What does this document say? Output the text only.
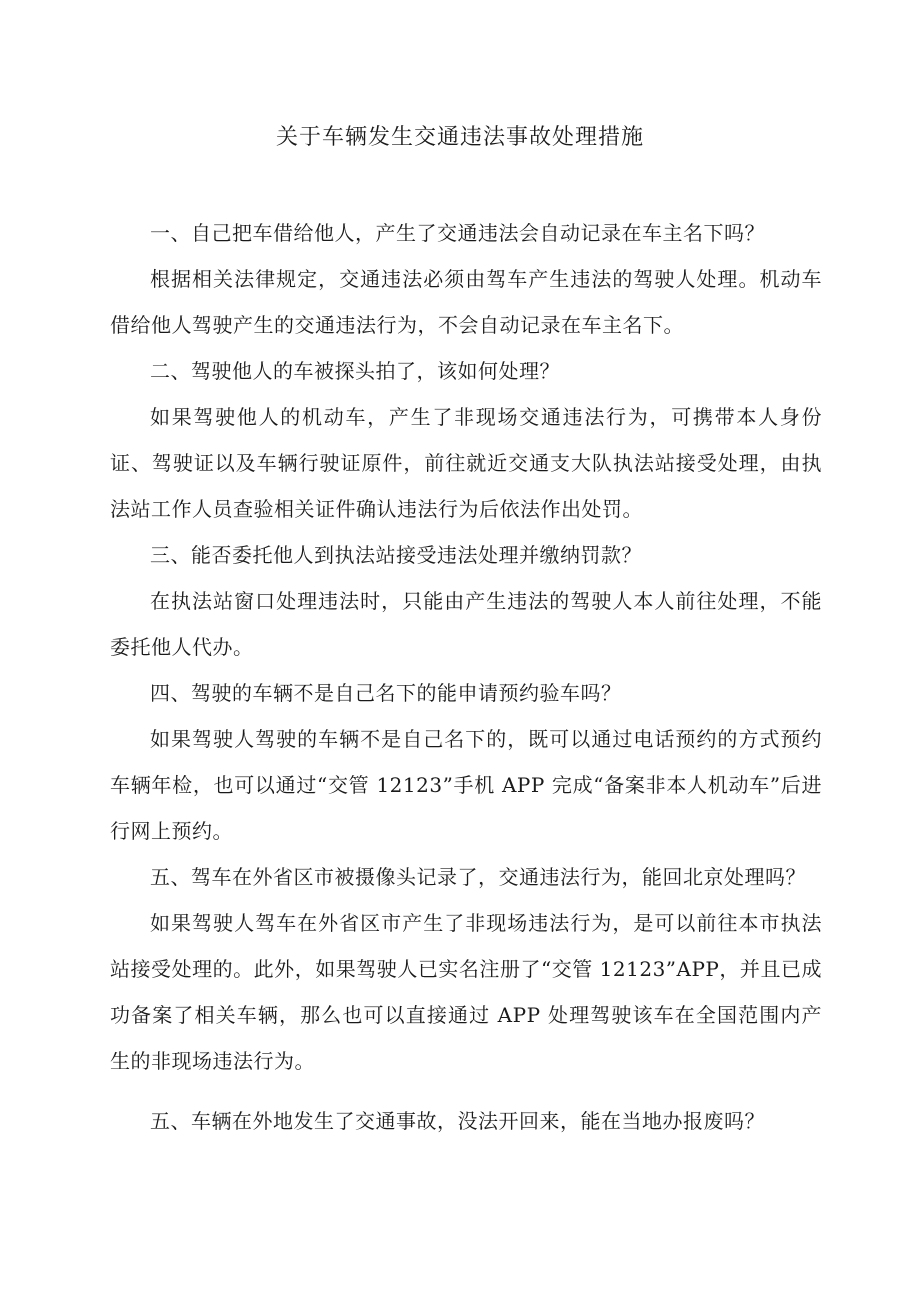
关于车辆发生交通违法事故处理措施

一、自己把车借给他人，产生了交通违法会自动记录在车主名下吗？

根据相关法律规定，交通违法必须由驾车产生违法的驾驶人处理。机动车借给他人驾驶产生的交通违法行为，不会自动记录在车主名下。

二、驾驶他人的车被探头拍了，该如何处理？

如果驾驶他人的机动车，产生了非现场交通违法行为，可携带本人身份证、驾驶证以及车辆行驶证原件，前往就近交通支大队执法站接受处理，由执法站工作人员查验相关证件确认违法行为后依法作出处罚。

三、能否委托他人到执法站接受违法处理并缴纳罚款？

在执法站窗口处理违法时，只能由产生违法的驾驶人本人前往处理，不能委托他人代办。

四、驾驶的车辆不是自己名下的能申请预约验车吗？

如果驾驶人驾驶的车辆不是自己名下的，既可以通过电话预约的方式预约车辆年检，也可以通过“交管 12123”手机 APP 完成“备案非本人机动车”后进行网上预约。

五、驾车在外省区市被摄像头记录了，交通违法行为，能回北京处理吗？

如果驾驶人驾车在外省区市产生了非现场违法行为，是可以前往本市执法站接受处理的。此外，如果驾驶人已实名注册了“交管 12123”APP，并且已成功备案了相关车辆，那么也可以直接通过 APP 处理驾驶该车在全国范围内产生的非现场违法行为。

五、车辆在外地发生了交通事故，没法开回来，能在当地办报废吗？
